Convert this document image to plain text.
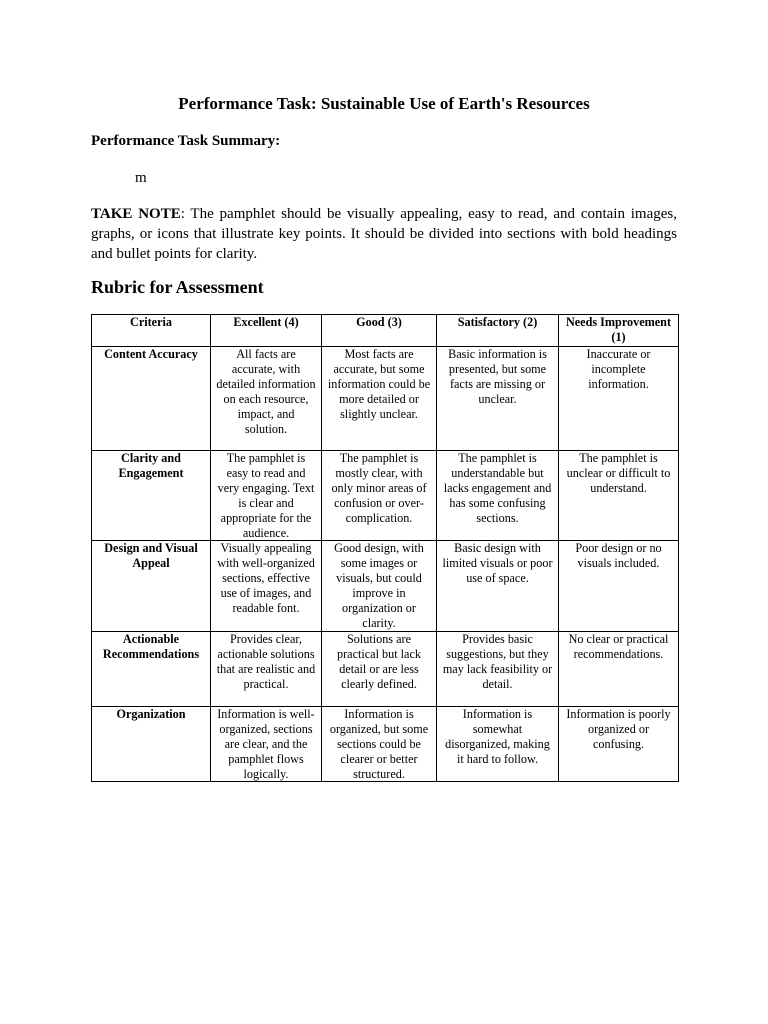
Performance Task: Sustainable Use of Earth's Resources
Performance Task Summary:
m
TAKE NOTE: The pamphlet should be visually appealing, easy to read, and contain images, graphs, or icons that illustrate key points. It should be divided into sections with bold headings and bullet points for clarity.
Rubric for Assessment
Criteria	Excellent (4)	Good (3)	Satisfactory (2)	Needs Improvement (1)
Content Accuracy	All facts are accurate, with detailed information on each resource, impact, and solution.	Most facts are accurate, but some information could be more detailed or slightly unclear.	Basic information is presented, but some facts are missing or unclear.	Inaccurate or incomplete information.
Clarity and Engagement	The pamphlet is easy to read and very engaging. Text is clear and appropriate for the audience.	The pamphlet is mostly clear, with only minor areas of confusion or over-complication.	The pamphlet is understandable but lacks engagement and has some confusing sections.	The pamphlet is unclear or difficult to understand.
Design and Visual Appeal	Visually appealing with well-organized sections, effective use of images, and readable font.	Good design, with some images or visuals, but could improve in organization or clarity.	Basic design with limited visuals or poor use of space.	Poor design or no visuals included.
Actionable Recommendations	Provides clear, actionable solutions that are realistic and practical.	Solutions are practical but lack detail or are less clearly defined.	Provides basic suggestions, but they may lack feasibility or detail.	No clear or practical recommendations.
Organization	Information is well-organized, sections are clear, and the pamphlet flows logically.	Information is organized, but some sections could be clearer or better structured.	Information is somewhat disorganized, making it hard to follow.	Information is poorly organized or confusing.
